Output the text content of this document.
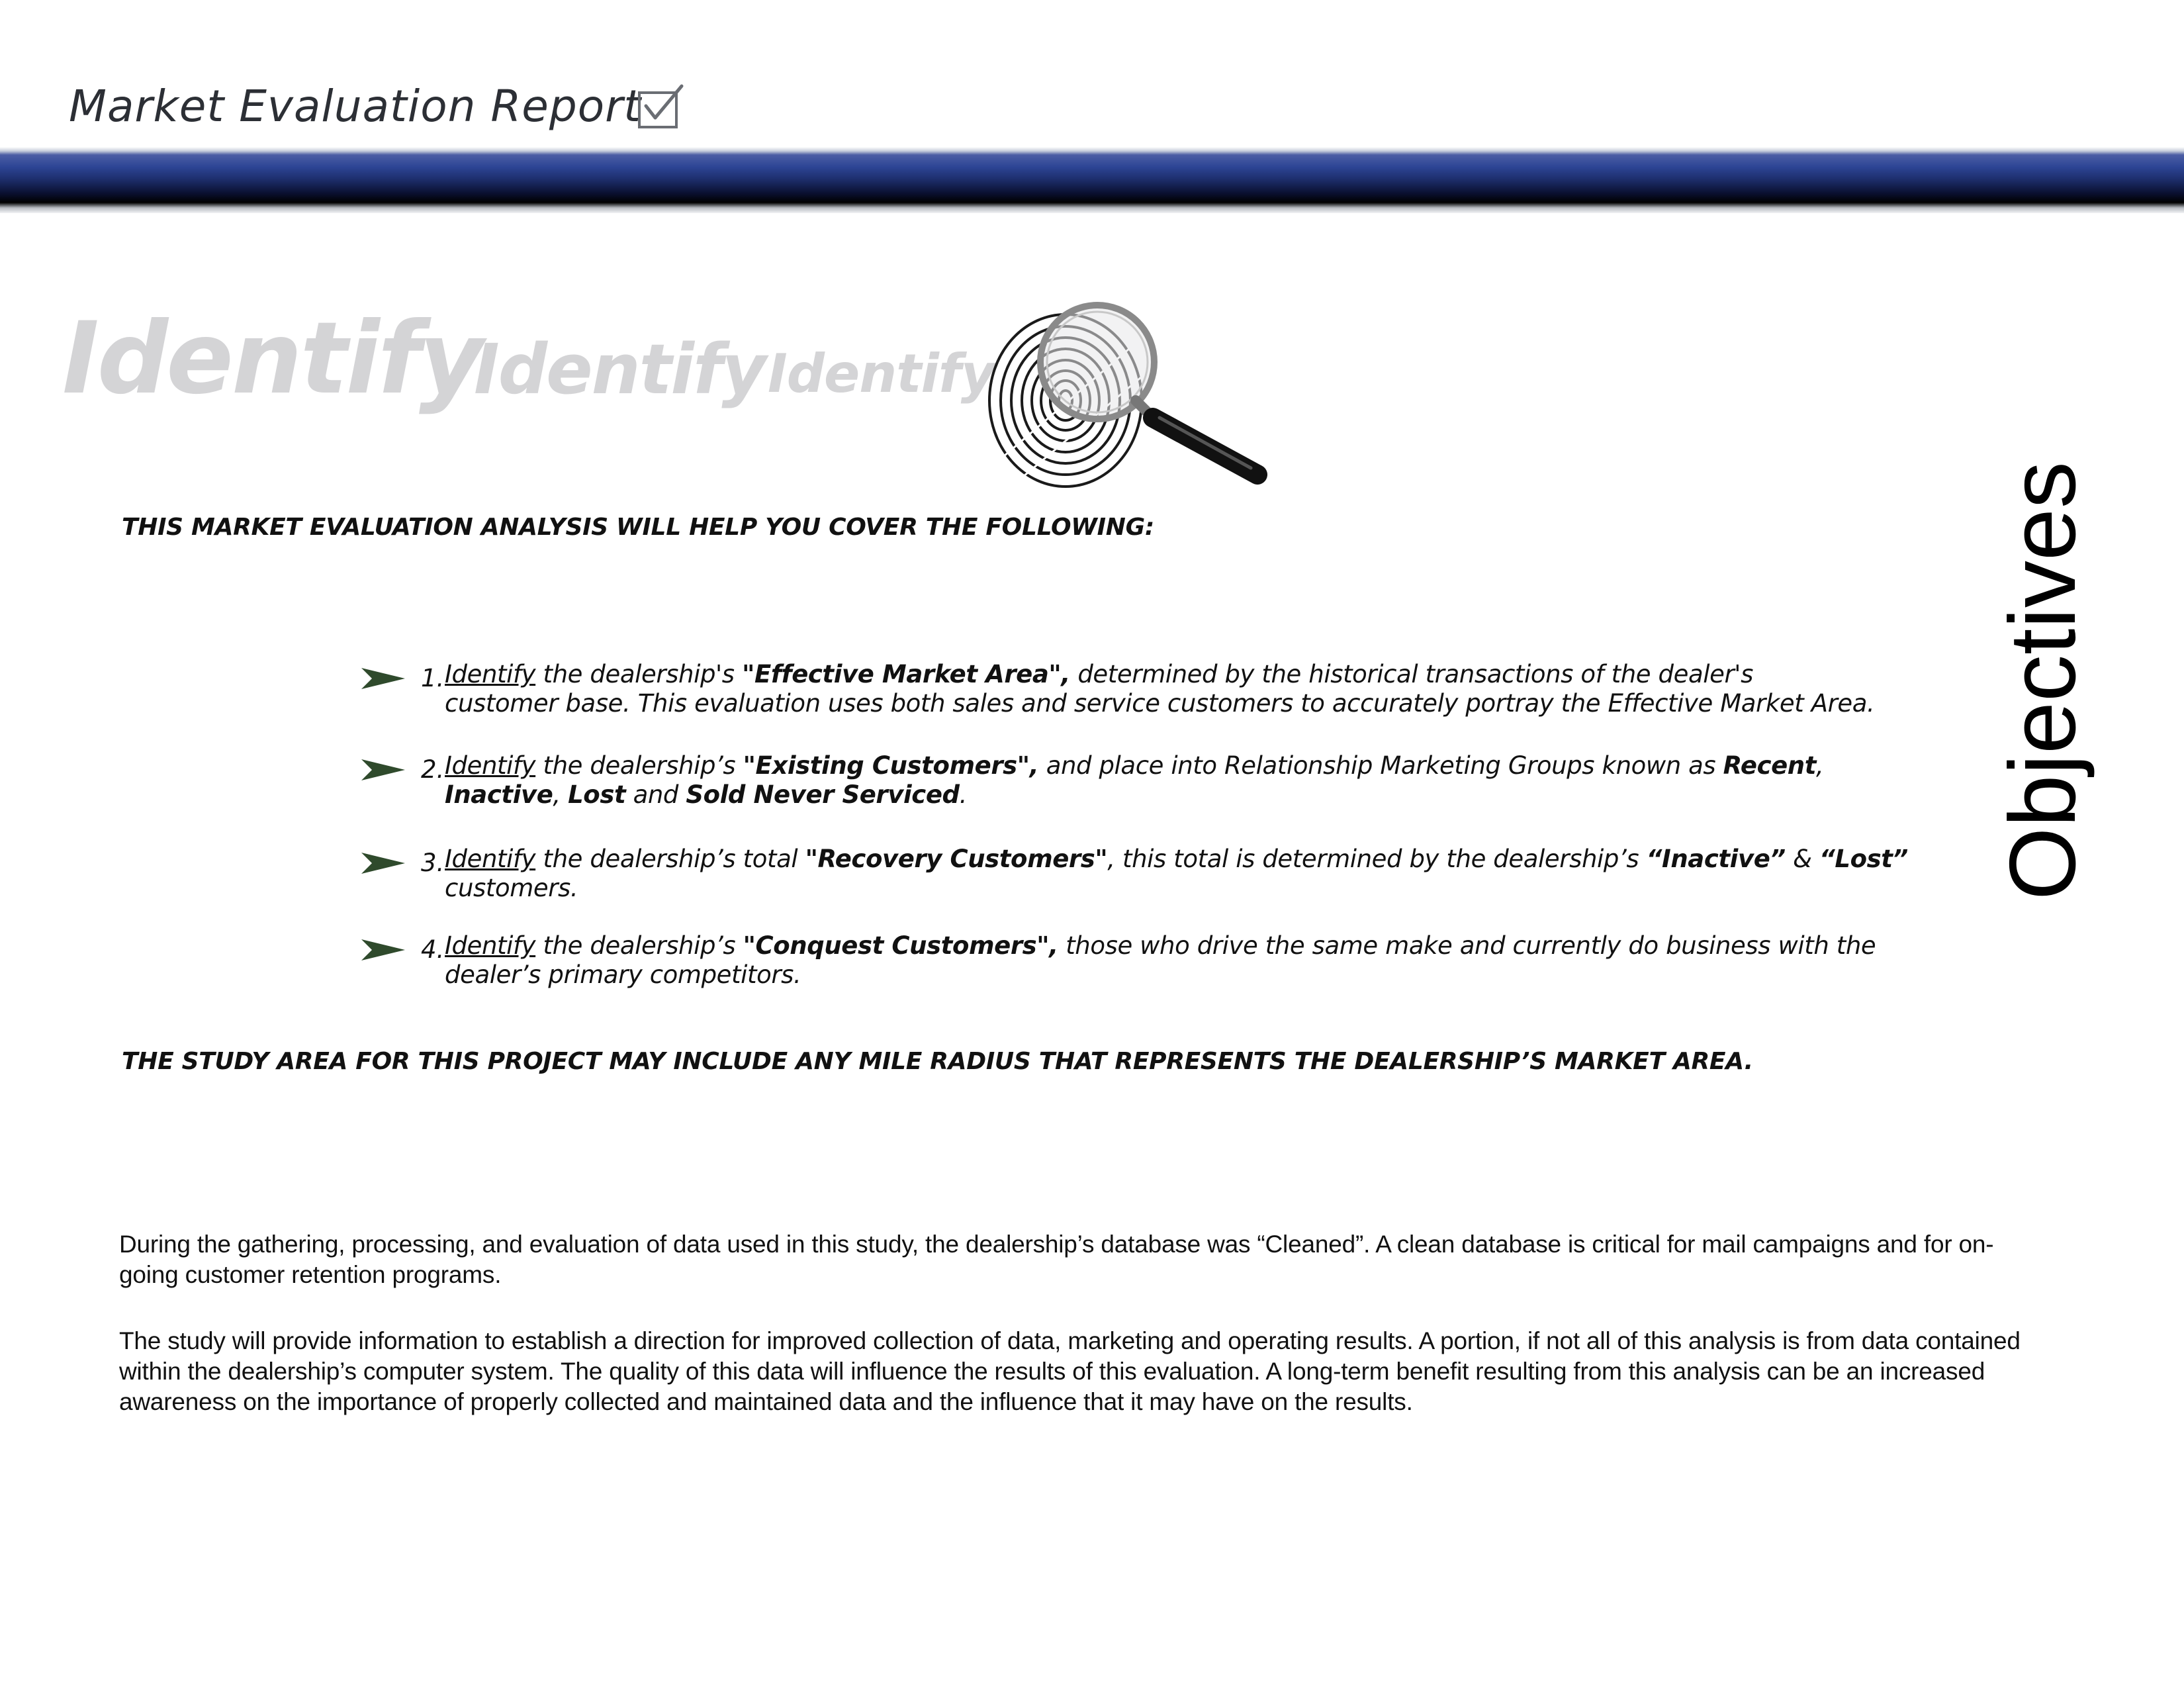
Market Evaluation Report

Identify

Identify Identify

Objectives

THIS MARKET EVALUATION ANALYSIS WILL HELP YOU COVER THE FOLLOWING:

1. Identify the dealership's "Effective Market Area", determined by the historical transactions of the dealer's
customer base. This evaluation uses both sales and service customers to accurately portray the Effective Market Area.
2. Identify the dealership’s "Existing Customers", and place into Relationship Marketing Groups known as Recent,
Inactive, Lost and Sold Never Serviced.
3. Identify the dealership’s total "Recovery Customers", this total is determined by the dealership’s “Inactive” & “Lost”
customers.
4. Identify the dealership’s "Conquest Customers", those who drive the same make and currently do business with the
dealer’s primary competitors.

THE STUDY AREA FOR THIS PROJECT MAY INCLUDE ANY MILE RADIUS THAT REPRESENTS THE DEALERSHIP’S MARKET AREA.

During the gathering, processing, and evaluation of data used in this study, the dealership’s database was “Cleaned”. A clean database is critical for mail campaigns and for on-going customer retention programs.

The study will provide information to establish a direction for improved collection of data, marketing and operating results. A portion, if not all of this analysis is from data contained within the dealership’s computer system. The quality of this data will influence the results of this evaluation. A long-term benefit resulting from this analysis can be an increased awareness on the importance of properly collected and maintained data and the influence that it may have on the results.
